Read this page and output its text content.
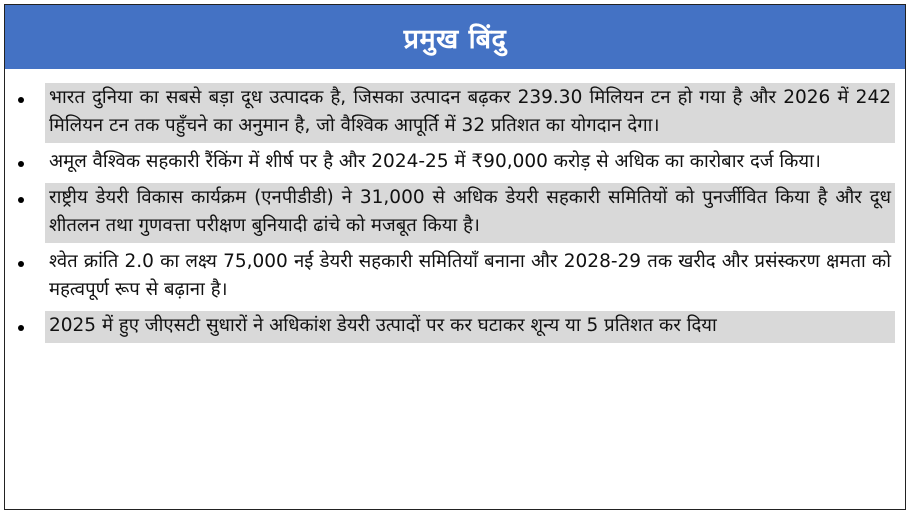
प्रमुख बिंदु
भारत दुनिया का सबसे बड़ा दूध उत्पादक है, जिसका उत्पादन बढ़कर 239.30 मिलियन टन हो गया है और 2026 में 242 मिलियन टन तक पहुँचने का अनुमान है, जो वैश्विक आपूर्ति में 32 प्रतिशत का योगदान देगा।
अमूल वैश्विक सहकारी रैंकिंग में शीर्ष पर है और 2024-25 में ₹90,000 करोड़ से अधिक का कारोबार दर्ज किया।
राष्ट्रीय डेयरी विकास कार्यक्रम (एनपीडीडी) ने 31,000 से अधिक डेयरी सहकारी समितियों को पुनर्जीवित किया है और दूध शीतलन तथा गुणवत्ता परीक्षण बुनियादी ढांचे को मजबूत किया है।
श्वेत क्रांति 2.0 का लक्ष्य 75,000 नई डेयरी सहकारी समितियाँ बनाना और 2028-29 तक खरीद और प्रसंस्करण क्षमता को महत्वपूर्ण रूप से बढ़ाना है।
2025 में हुए जीएसटी सुधारों ने अधिकांश डेयरी उत्पादों पर कर घटाकर शून्य या 5 प्रतिशत कर दिया
